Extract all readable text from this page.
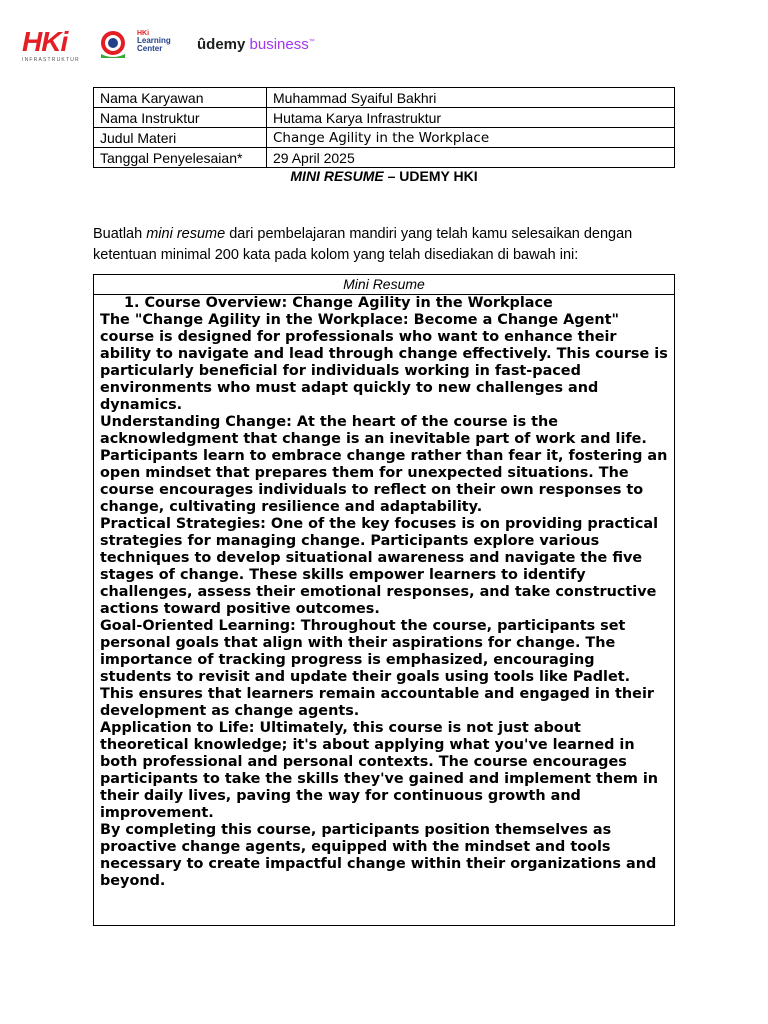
HKi
INFRASTRUKTUR
HKi
Learning
Center	ûdemy business™
Nama Karyawan	Muhammad Syaiful Bakhri
Nama Instruktur	Hutama Karya Infrastruktur
Judul Materi	Change Agility in the Workplace
Tanggal Penyelesaian*	29 April 2025
MINI RESUME – UDEMY HKI
Buatlah mini resume dari pembelajaran mandiri yang telah kamu selesaikan dengan ketentuan minimal 200 kata pada kolom yang telah disediakan di bawah ini:
Mini Resume

1. Course Overview: Change Agility in the Workplace

The "Change Agility in the Workplace: Become a Change Agent" course is designed for professionals who want to enhance their ability to navigate and lead through change effectively. This course is particularly beneficial for individuals working in fast-paced environments who must adapt quickly to new challenges and dynamics.

Understanding Change: At the heart of the course is the acknowledgment that change is an inevitable part of work and life. Participants learn to embrace change rather than fear it, fostering an open mindset that prepares them for unexpected situations. The course encourages individuals to reflect on their own responses to change, cultivating resilience and adaptability.

Practical Strategies: One of the key focuses is on providing practical strategies for managing change. Participants explore various techniques to develop situational awareness and navigate the five stages of change. These skills empower learners to identify challenges, assess their emotional responses, and take constructive actions toward positive outcomes.

Goal-Oriented Learning: Throughout the course, participants set personal goals that align with their aspirations for change. The importance of tracking progress is emphasized, encouraging students to revisit and update their goals using tools like Padlet. This ensures that learners remain accountable and engaged in their development as change agents.

Application to Life: Ultimately, this course is not just about theoretical knowledge; it's about applying what you've learned in both professional and personal contexts. The course encourages participants to take the skills they've gained and implement them in their daily lives, paving the way for continuous growth and improvement.

By completing this course, participants position themselves as proactive change agents, equipped with the mindset and tools necessary to create impactful change within their organizations and beyond.
